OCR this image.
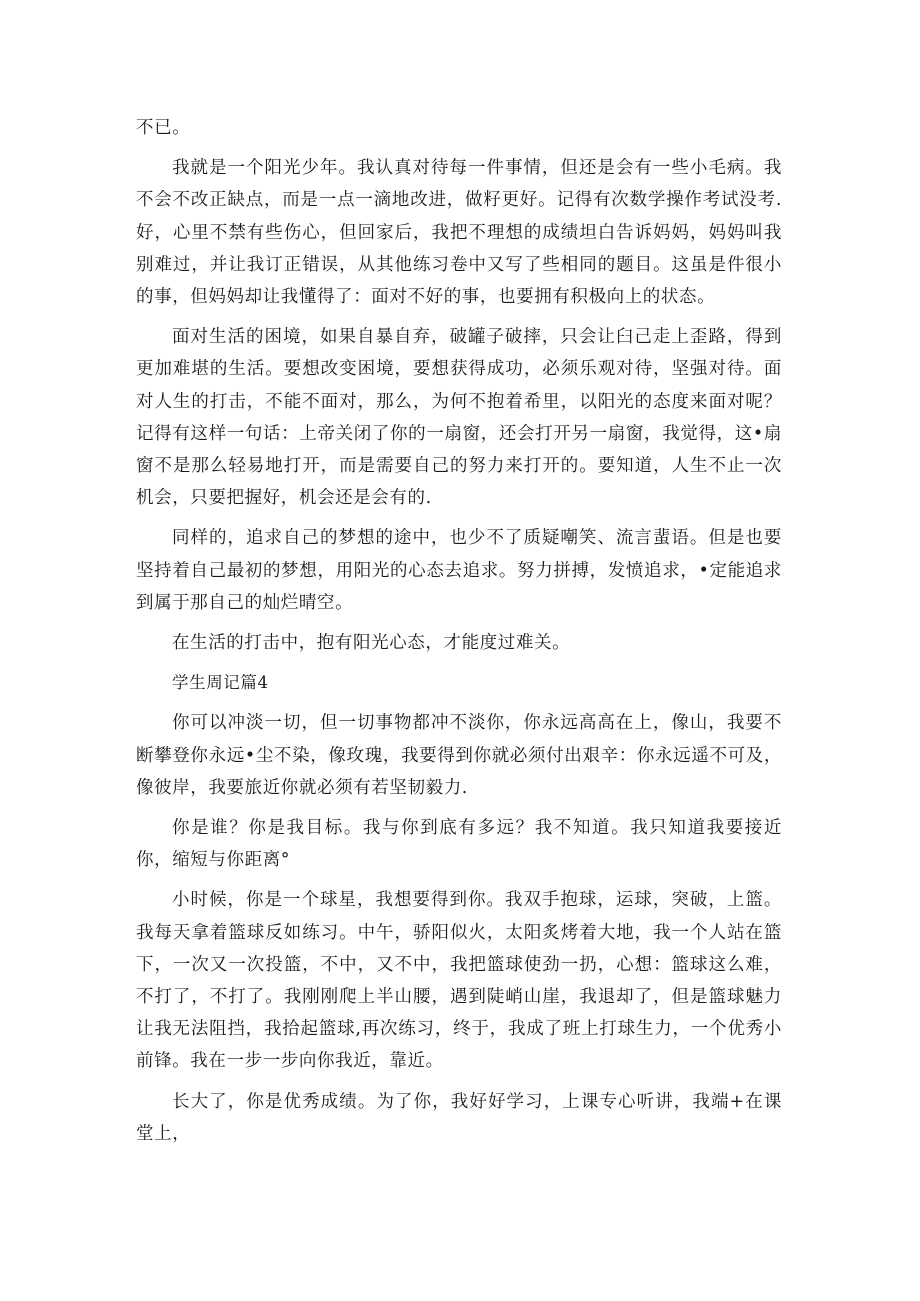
不已。

我就是一个阳光少年。我认真对待每一件事情，但还是会有一些小毛病。我不会不改正缺点，而是一点一滴地改进，做籽更好。记得有次数学操作考试没考.好，心里不禁有些伤心，但回家后，我把不理想的成绩坦白告诉妈妈，妈妈叫我别难过，并让我订正错误，从其他练习卷中又写了些相同的题目。这虽是件很小的事，但妈妈却让我懂得了：面对不好的事，也要拥有积极向上的状态。

面对生活的困境，如果自暴自弃，破罐子破摔，只会让臼己走上歪路，得到更加难堪的生活。要想改变困境，要想获得成功，必须乐观对待，坚强对待。面对人生的打击，不能不面对，那么，为何不抱着希里，以阳光的态度来面对呢？记得有这样一句话：上帝关闭了你的一扇窗，还会打开另一扇窗，我觉得，这•扇窗不是那么轻易地打开，而是需要自己的努力来打开的。要知道，人生不止一次机会，只要把握好，机会还是会有的.

同样的，追求自己的梦想的途中，也少不了质疑嘲笑、流言蜚语。但是也要坚持着自己最初的梦想，用阳光的心态去追求。努力拼搏，发愤追求，•定能追求到属于那自己的灿烂晴空。

在生活的打击中，抱有阳光心态，才能度过难关。

学生周记篇4

你可以冲淡一切，但一切事物都冲不淡你，你永远高高在上，像山，我要不断攀登你永远•尘不染，像玫瑰，我要得到你就必须付出艰辛：你永远遥不可及，像彼岸，我要旅近你就必须有若坚韧毅力.

你是谁？你是我目标。我与你到底有多远？我不知道。我只知道我要接近你，缩短与你距离°

小时候，你是一个球星，我想要得到你。我双手抱球，运球，突破，上篮。我每天拿着篮球反如练习。中午，骄阳似火，太阳炙烤着大地，我一个人站在篮下，一次又一次投篮，不中，又不中，我把篮球使劲一扔，心想：篮球这么难，不打了，不打了。我刚刚爬上半山腰，遇到陡峭山崖，我退却了，但是篮球魅力让我无法阻挡，我拾起篮球,再次练习，终于，我成了班上打球生力，一个优秀小前锋。我在一步一步向你我近，靠近。

长大了，你是优秀成绩。为了你，我好好学习，上课专心听讲，我端+在课堂上，
